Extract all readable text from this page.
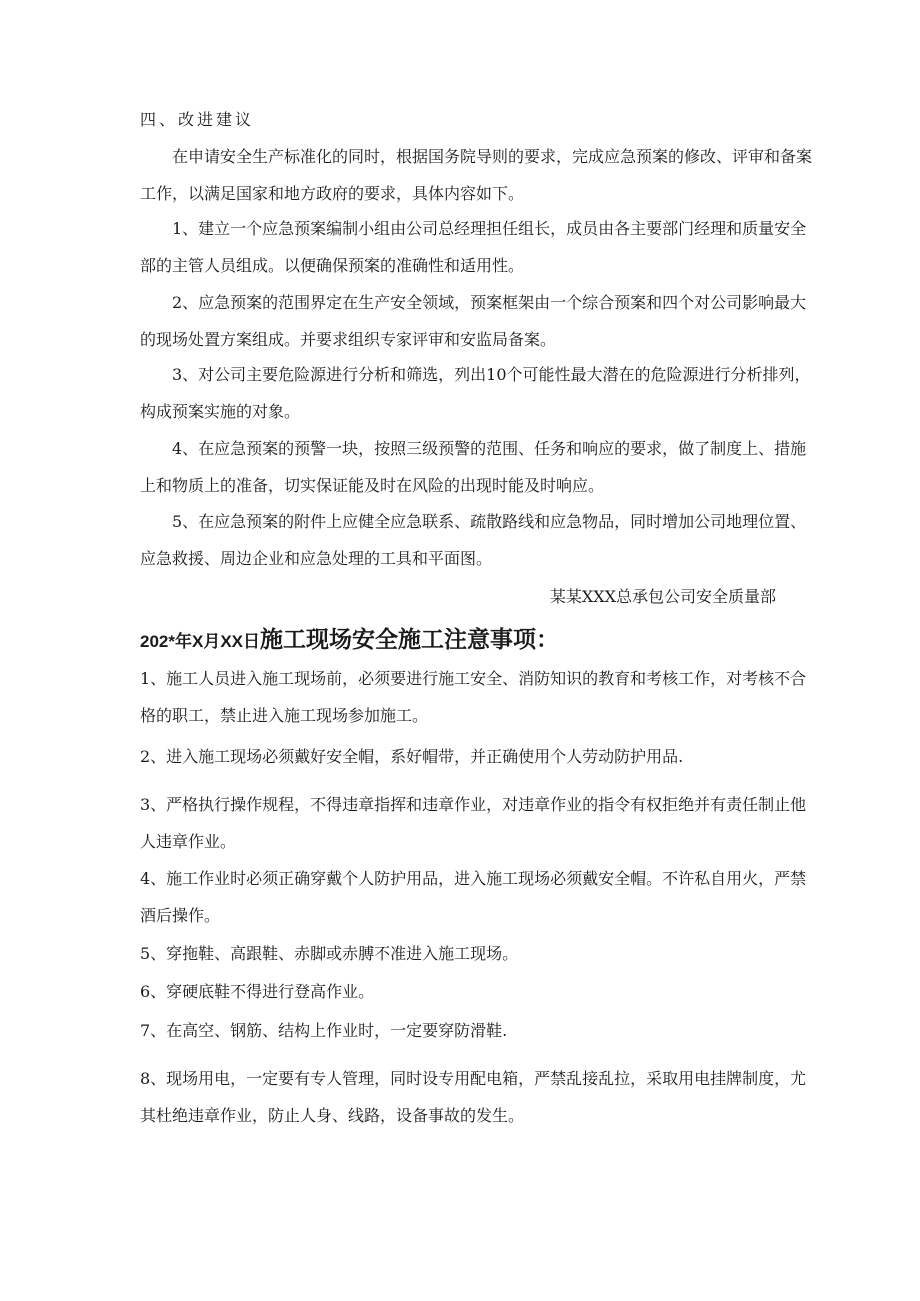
四、改进建议

在申请安全生产标准化的同时，根据国务院导则的要求，完成应急预案的修改、评审和备案工作，以满足国家和地方政府的要求，具体内容如下。

1、建立一个应急预案编制小组由公司总经理担任组长，成员由各主要部门经理和质量安全部的主管人员组成。以便确保预案的准确性和适用性。

2、应急预案的范围界定在生产安全领域，预案框架由一个综合预案和四个对公司影响最大的现场处置方案组成。并要求组织专家评审和安监局备案。

3、对公司主要危险源进行分析和筛选，列出10个可能性最大潜在的危险源进行分析排列，构成预案实施的对象。

4、在应急预案的预警一块，按照三级预警的范围、任务和响应的要求，做了制度上、措施上和物质上的准备，切实保证能及时在风险的出现时能及时响应。

5、在应急预案的附件上应健全应急联系、疏散路线和应急物品，同时增加公司地理位置、应急救援、周边企业和应急处理的工具和平面图。

某某XXX总承包公司安全质量部

202*年X月XX日施工现场安全施工注意事项：

1、施工人员进入施工现场前，必须要进行施工安全、消防知识的教育和考核工作，对考核不合格的职工，禁止进入施工现场参加施工。

2、进入施工现场必须戴好安全帽，系好帽带，并正确使用个人劳动防护用品.

3、严格执行操作规程，不得违章指挥和违章作业，对违章作业的指令有权拒绝并有责任制止他人违章作业。

4、施工作业时必须正确穿戴个人防护用品，进入施工现场必须戴安全帽。不许私自用火，严禁酒后操作。

5、穿拖鞋、高跟鞋、赤脚或赤膊不准进入施工现场。

6、穿硬底鞋不得进行登高作业。

7、在高空、钢筋、结构上作业时，一定要穿防滑鞋.

8、现场用电，一定要有专人管理，同时设专用配电箱，严禁乱接乱拉，采取用电挂牌制度，尤其杜绝违章作业，防止人身、线路，设备事故的发生。
